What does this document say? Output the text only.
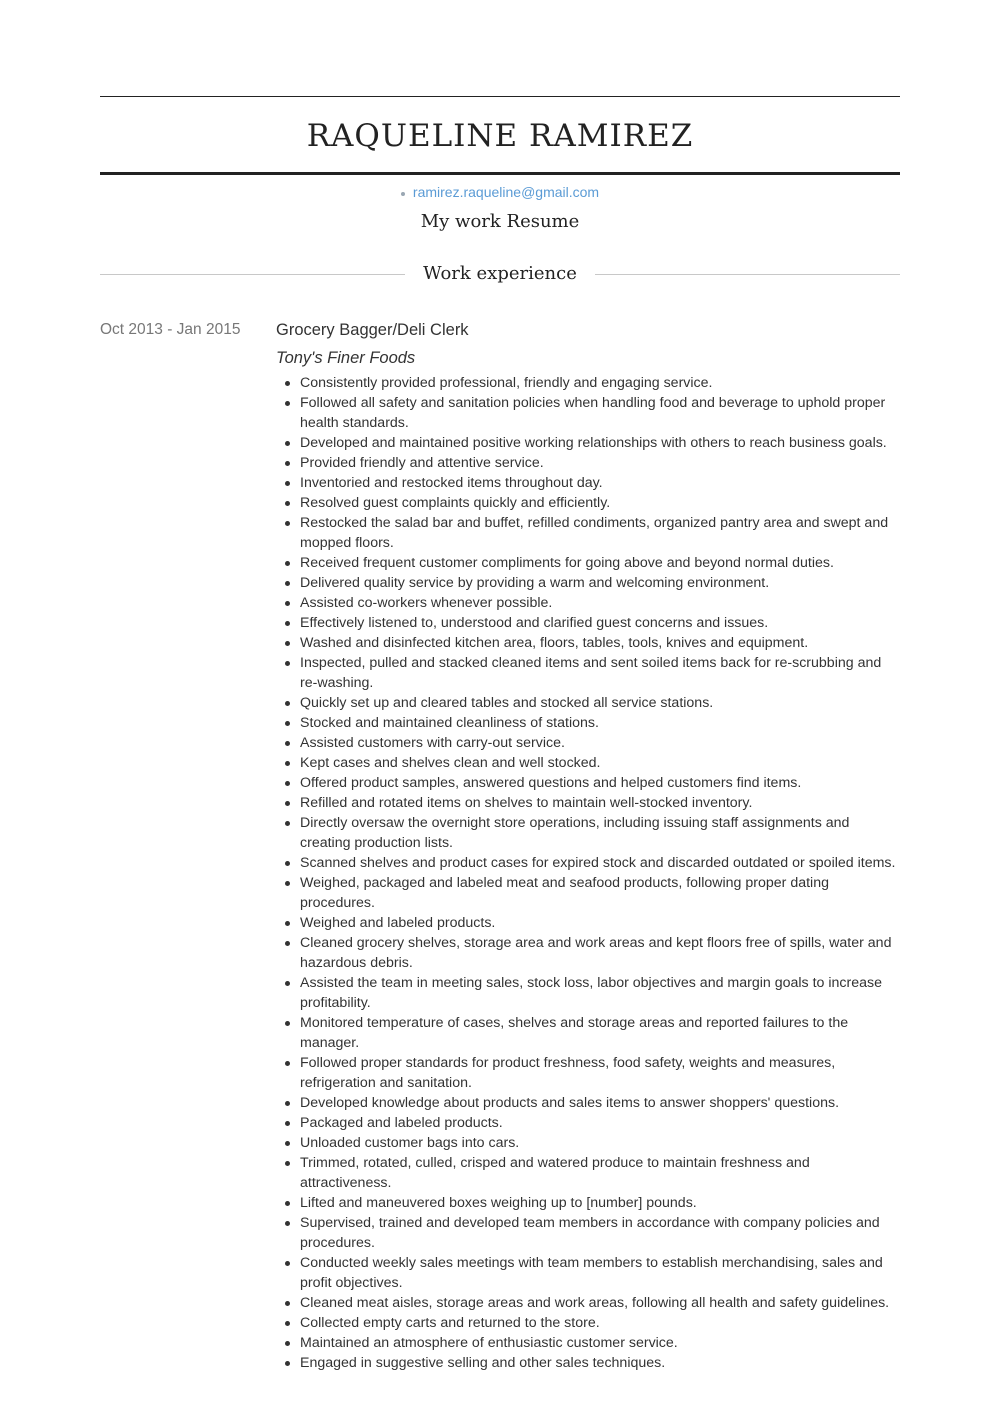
RAQUELINE RAMIREZ
ramirez.raqueline@gmail.com
My work Resume
Work experience
Oct 2013 - Jan 2015	Grocery Bagger/Deli Clerk
Tony's Finer Foods
Consistently provided professional, friendly and engaging service.
Followed all safety and sanitation policies when handling food and beverage to uphold proper health standards.
Developed and maintained positive working relationships with others to reach business goals.
Provided friendly and attentive service.
Inventoried and restocked items throughout day.
Resolved guest complaints quickly and efficiently.
Restocked the salad bar and buffet, refilled condiments, organized pantry area and swept and mopped floors.
Received frequent customer compliments for going above and beyond normal duties.
Delivered quality service by providing a warm and welcoming environment.
Assisted co-workers whenever possible.
Effectively listened to, understood and clarified guest concerns and issues.
Washed and disinfected kitchen area, floors, tables, tools, knives and equipment.
Inspected, pulled and stacked cleaned items and sent soiled items back for re-scrubbing and re-washing.
Quickly set up and cleared tables and stocked all service stations.
Stocked and maintained cleanliness of stations.
Assisted customers with carry-out service.
Kept cases and shelves clean and well stocked.
Offered product samples, answered questions and helped customers find items.
Refilled and rotated items on shelves to maintain well-stocked inventory.
Directly oversaw the overnight store operations, including issuing staff assignments and creating production lists.
Scanned shelves and product cases for expired stock and discarded outdated or spoiled items.
Weighed, packaged and labeled meat and seafood products, following proper dating procedures.
Weighed and labeled products.
Cleaned grocery shelves, storage area and work areas and kept floors free of spills, water and hazardous debris.
Assisted the team in meeting sales, stock loss, labor objectives and margin goals to increase profitability.
Monitored temperature of cases, shelves and storage areas and reported failures to the manager.
Followed proper standards for product freshness, food safety, weights and measures, refrigeration and sanitation.
Developed knowledge about products and sales items to answer shoppers' questions.
Packaged and labeled products.
Unloaded customer bags into cars.
Trimmed, rotated, culled, crisped and watered produce to maintain freshness and attractiveness.
Lifted and maneuvered boxes weighing up to [number] pounds.
Supervised, trained and developed team members in accordance with company policies and procedures.
Conducted weekly sales meetings with team members to establish merchandising, sales and profit objectives.
Cleaned meat aisles, storage areas and work areas, following all health and safety guidelines.
Collected empty carts and returned to the store.
Maintained an atmosphere of enthusiastic customer service.
Engaged in suggestive selling and other sales techniques.
